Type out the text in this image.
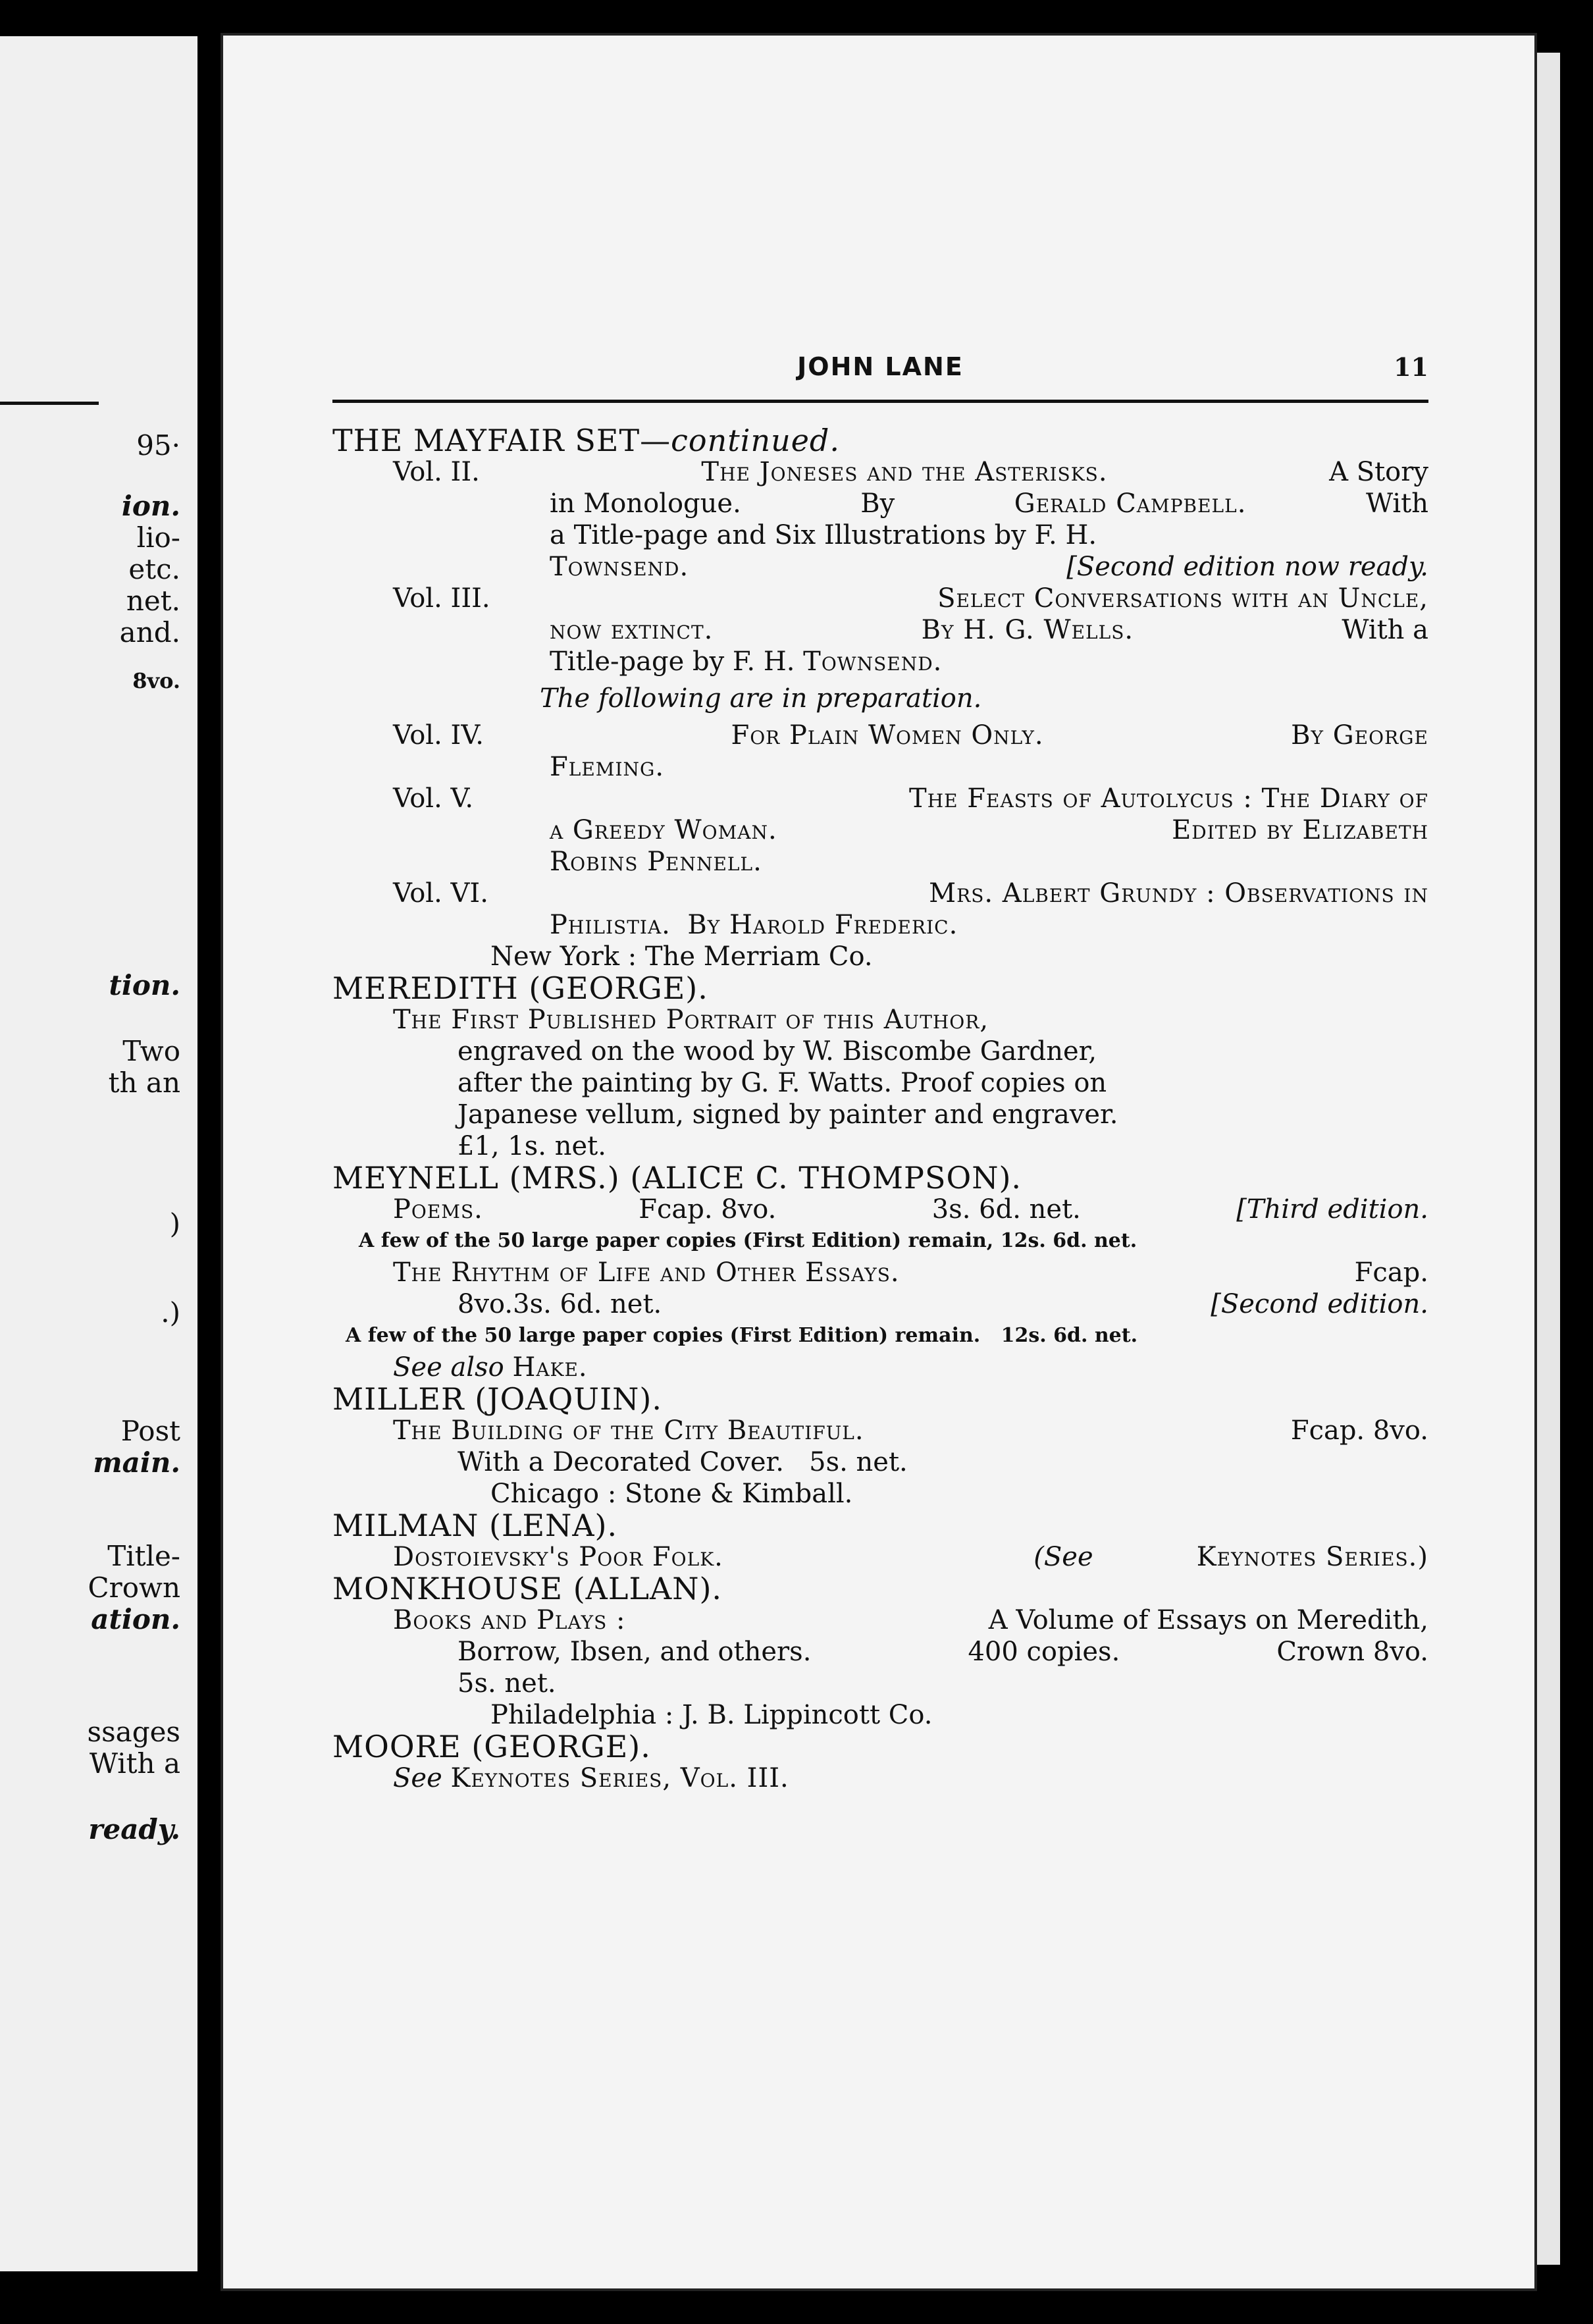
95·
ion.
lio-
etc.
net.
and.
8vo.
tion.
Two
th an
)
.)
Post
main.
Title-
Crown
ation.
ssages
With a
ready.
JOHN LANE	11
THE MAYFAIR SET—continued.
Vol. II.	The Joneses and the Asterisks.	A Story
in Monologue.	By	Gerald Campbell.	With
a Title-page and Six Illustrations by F. H.
Townsend.	[Second edition now ready.
Vol. III.	Select Conversations with an Uncle,
now extinct.	By H. G. Wells.	With a
Title-page by F. H. Townsend.
The following are in preparation.
Vol. IV.	For Plain Women Only.	By George
Fleming.
Vol. V.	The Feasts of Autolycus : The Diary of
a Greedy Woman.	Edited by Elizabeth
Robins Pennell.
Vol. VI.	Mrs. Albert Grundy : Observations in
Philistia. By Harold Frederic.
New York : The Merriam Co.
MEREDITH (GEORGE).
The First Published Portrait of this Author,
engraved on the wood by W. Biscombe Gardner,
after the painting by G. F. Watts. Proof copies on
Japanese vellum, signed by painter and engraver.
£1, 1s. net.
MEYNELL (MRS.) (ALICE C. THOMPSON).
Poems.	Fcap. 8vo.	3s. 6d. net.	[Third edition.
A few of the 50 large paper copies (First Edition) remain, 12s. 6d. net.
The Rhythm of Life and Other Essays.	Fcap.
8vo. 3s. 6d. net.	[Second edition.
A few of the 50 large paper copies (First Edition) remain. 12s. 6d. net.
See also Hake.
MILLER (JOAQUIN).
The Building of the City Beautiful.	Fcap. 8vo.
With a Decorated Cover. 5s. net.
Chicago : Stone & Kimball.
MILMAN (LENA).
Dostoievsky's Poor Folk.	(See	Keynotes Series.)
MONKHOUSE (ALLAN).
Books and Plays :	A Volume of Essays on Meredith,
Borrow, Ibsen, and others.	400 copies.	Crown 8vo.
5s. net.
Philadelphia : J. B. Lippincott Co.
MOORE (GEORGE).
See Keynotes Series, Vol. III.
